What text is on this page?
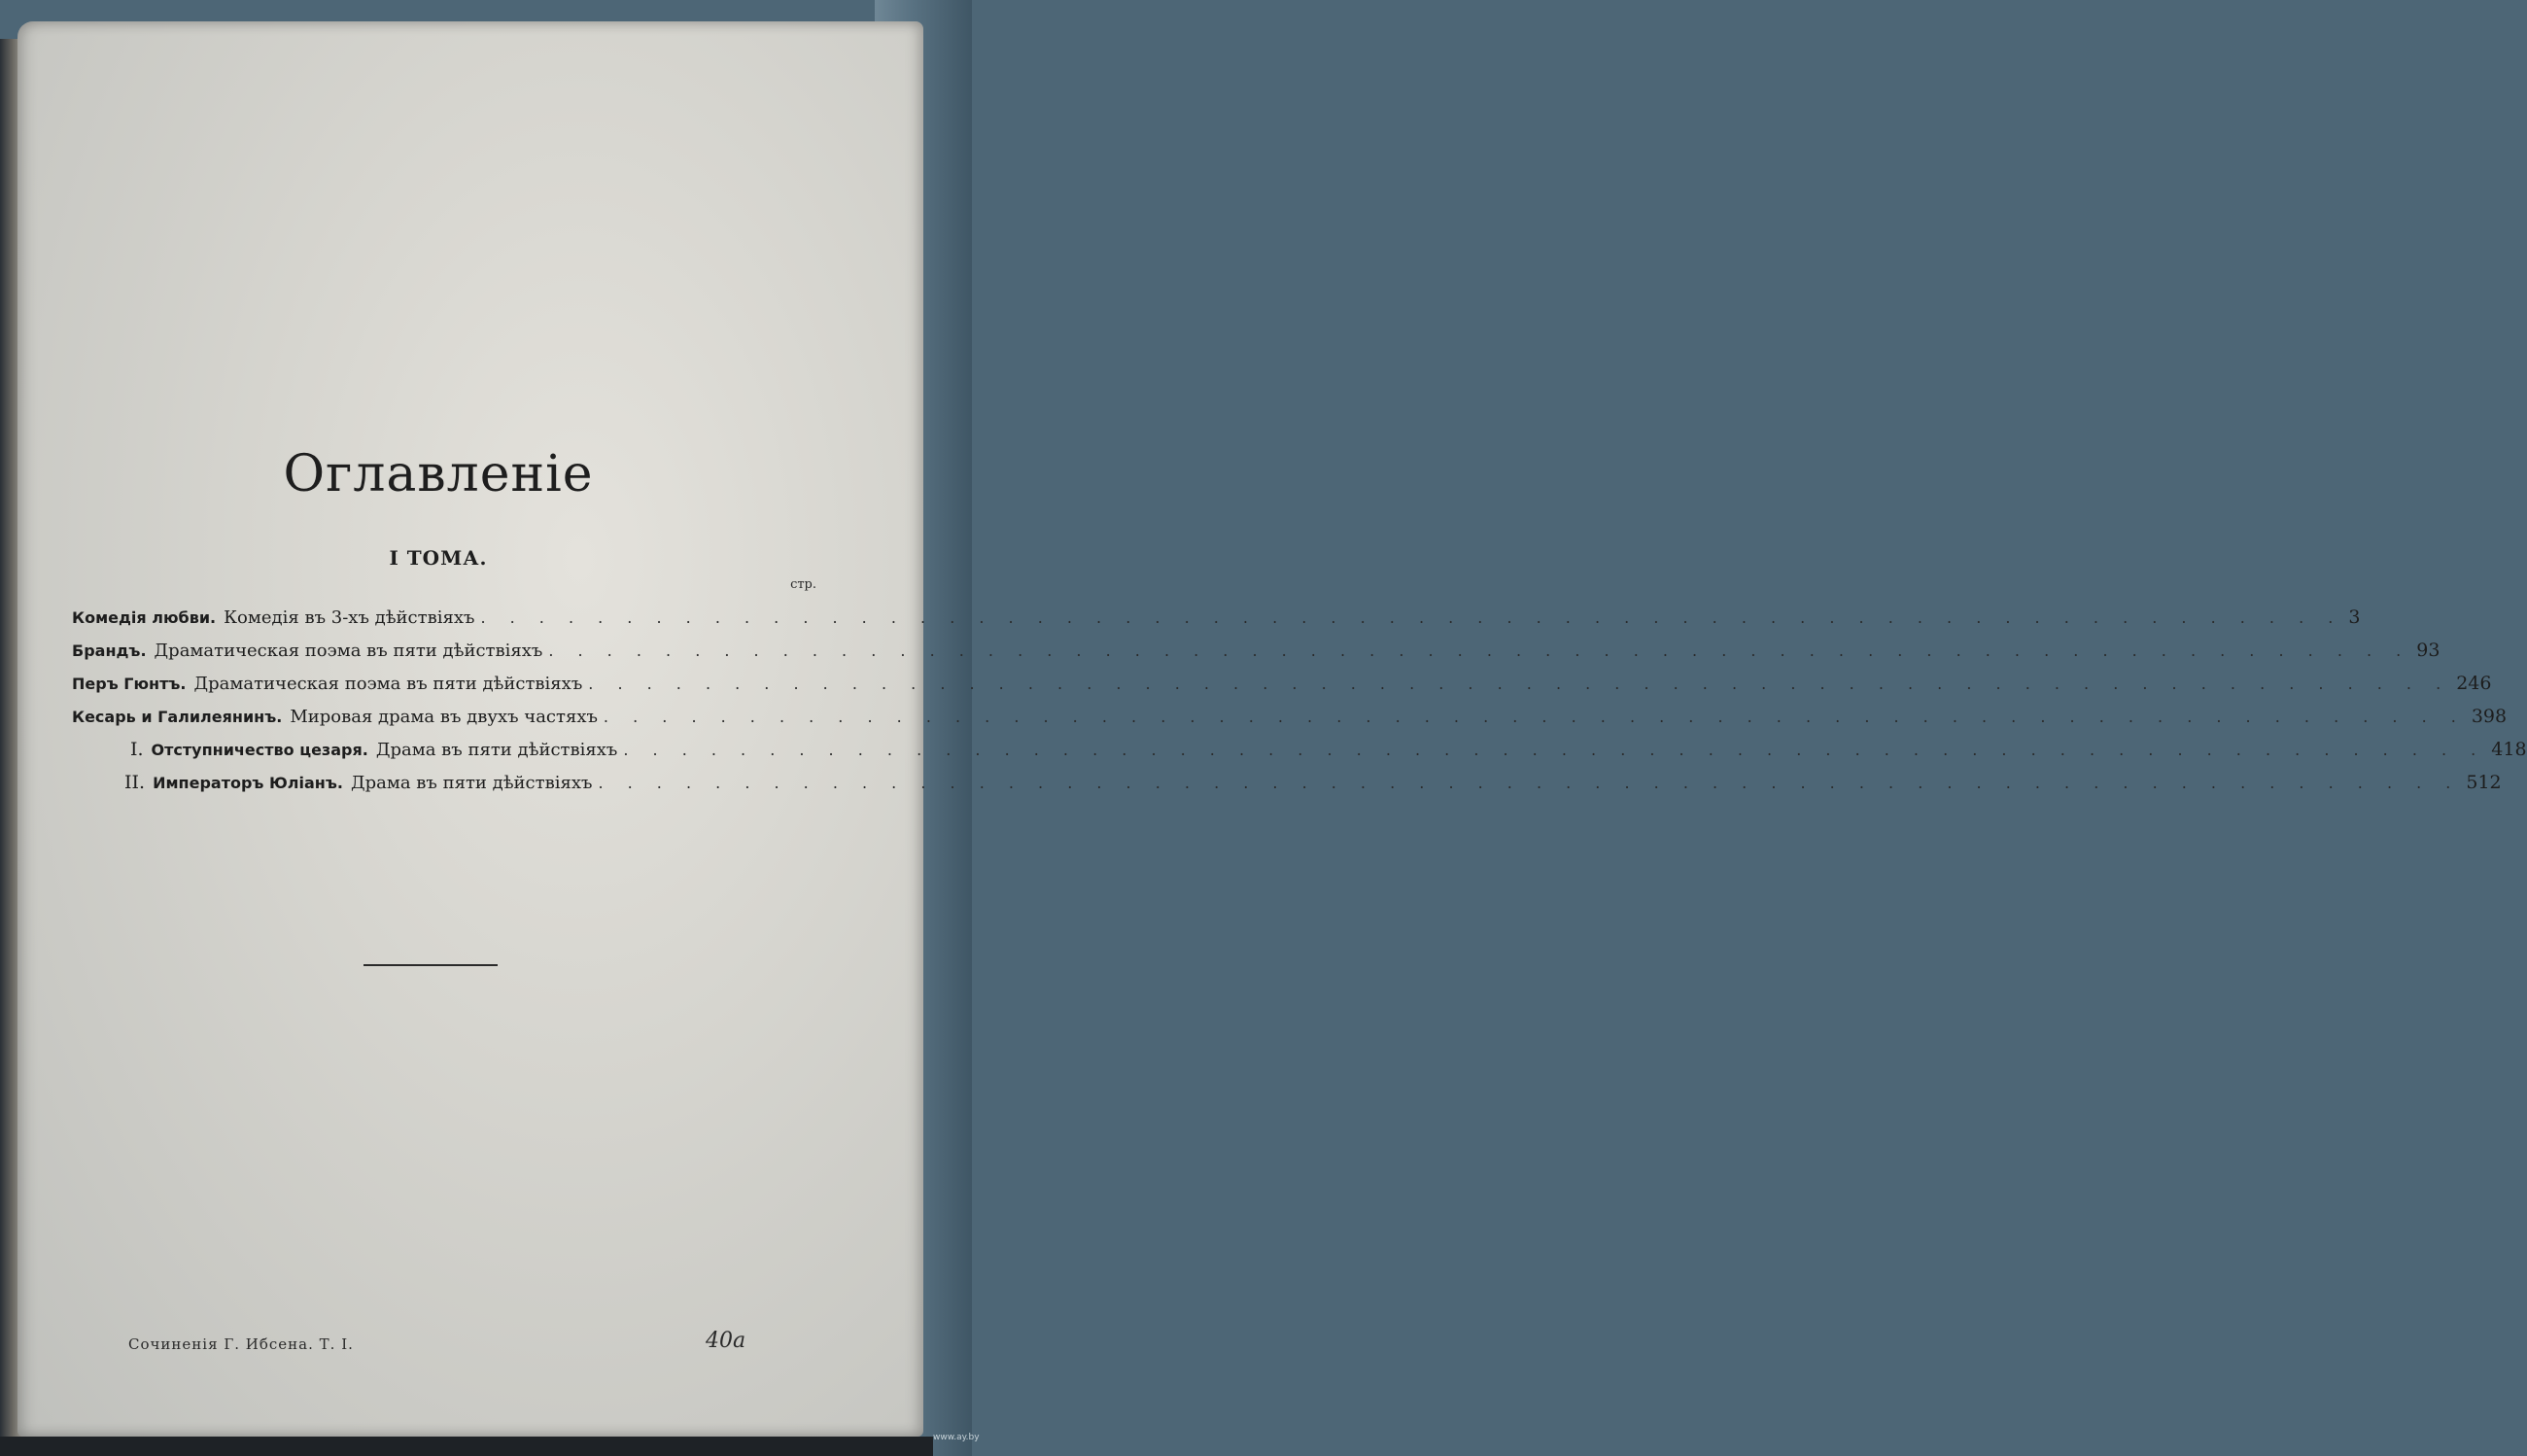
Оглавленіе
I ТОМА.
стр.
Комедія любви. Комедія въ 3-хъ дѣйствіяхъ . . .	3
Брандъ. Драматическая поэма въ пяти дѣйствіяхъ . . .	93
Перъ Гюнтъ. Драматическая поэма въ пяти дѣйствіяхъ . . .	246
Кесарь и Галилеянинъ. Мировая драма въ двухъ частяхъ . . .	398
I. Отступничество цезаря. Драма въ пяти дѣйствіяхъ . . .	418
II. Императоръ Юліанъ. Драма въ пяти дѣйствіяхъ . . .	512
Сочиненія Г. Ибсена. Т. I.	40а
www.ay.by
